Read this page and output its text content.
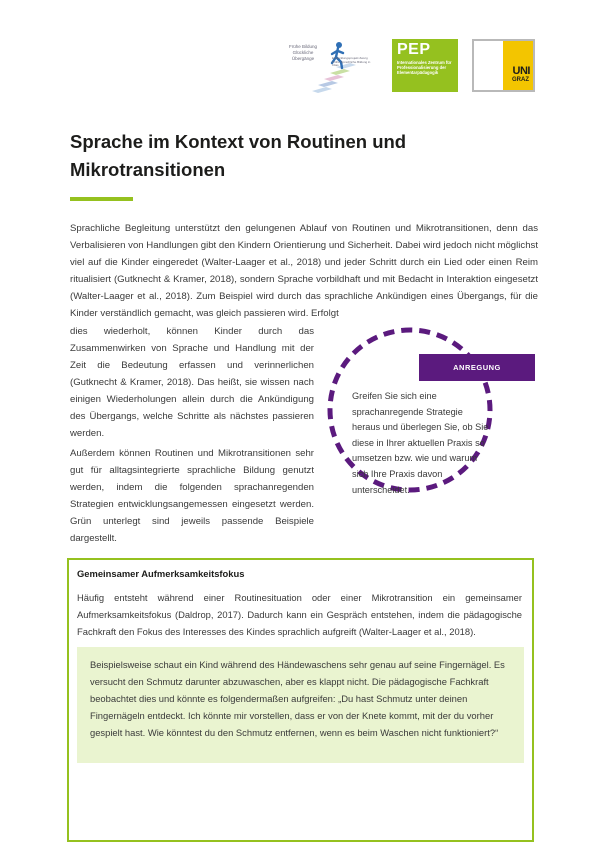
Frühe Bildung Glückliche Übergänge	Entwicklungsprojekt Zwerg Frühe Sprachliche Bildung in Kitas
PEP
Internationales Zentrum für Professionalisierung der Elementarpädagogik	UNI
GRAZ
Sprache im Kontext von Routinen und Mikrotransitionen

Sprachliche Begleitung unterstützt den gelungenen Ablauf von Routinen und Mikrotransitionen, denn das Verbalisieren von Handlungen gibt den Kindern Orientierung und Sicherheit. Dabei wird jedoch nicht möglichst viel auf die Kinder eingeredet (Walter-Laager et al., 2018) und jeder Schritt durch ein Lied oder einen Reim ritualisiert (Gutknecht & Kramer, 2018), sondern Sprache vorbildhaft und mit Bedacht in Interaktion eingesetzt (Walter-Laager et al., 2018). Zum Beispiel wird durch das sprachliche Ankündigen eines Übergangs, für die Kinder verständlich gemacht, was gleich passieren wird. Erfolgt

dies wiederholt, können Kinder durch das Zusammenwirken von Sprache und Handlung mit der Zeit die Bedeutung erfassen und verinnerlichen (Gutknecht & Kramer, 2018). Das heißt, sie wissen nach einigen Wiederholungen allein durch die Ankündigung des Übergangs, welche Schritte als nächstes passieren werden.

Außerdem können Routinen und Mikrotransitionen sehr gut für alltagsintegrierte sprachliche Bildung genutzt werden, indem die folgenden sprachanregenden Strategien entwicklungsangemessen eingesetzt werden. Grün unterlegt sind jeweils passende Beispiele dargestellt.

ANREGUNG

Greifen Sie sich eine sprachanregende Strategie heraus und überlegen Sie, ob Sie diese in Ihrer aktuellen Praxis so umsetzen bzw. wie und warum sich Ihre Praxis davon unterscheidet.

Gemeinsamer Aufmerksamkeitsfokus

Häufig entsteht während einer Routinesituation oder einer Mikrotransition ein gemeinsamer Aufmerksamkeitsfokus (Daldrop, 2017). Dadurch kann ein Gespräch entstehen, indem die pädagogische Fachkraft den Fokus des Interesses des Kindes sprachlich aufgreift (Walter-Laager et al., 2018).

Beispielsweise schaut ein Kind während des Händewaschens sehr genau auf seine Fingernägel. Es versucht den Schmutz darunter abzuwaschen, aber es klappt nicht. Die pädagogische Fachkraft beobachtet dies und könnte es folgendermaßen aufgreifen: „Du hast Schmutz unter deinen Fingernägeln entdeckt. Ich könnte mir vorstellen, dass er von der Knete kommt, mit der du vorher gespielt hast. Wie könntest du den Schmutz entfernen, wenn es beim Waschen nicht funktioniert?“
